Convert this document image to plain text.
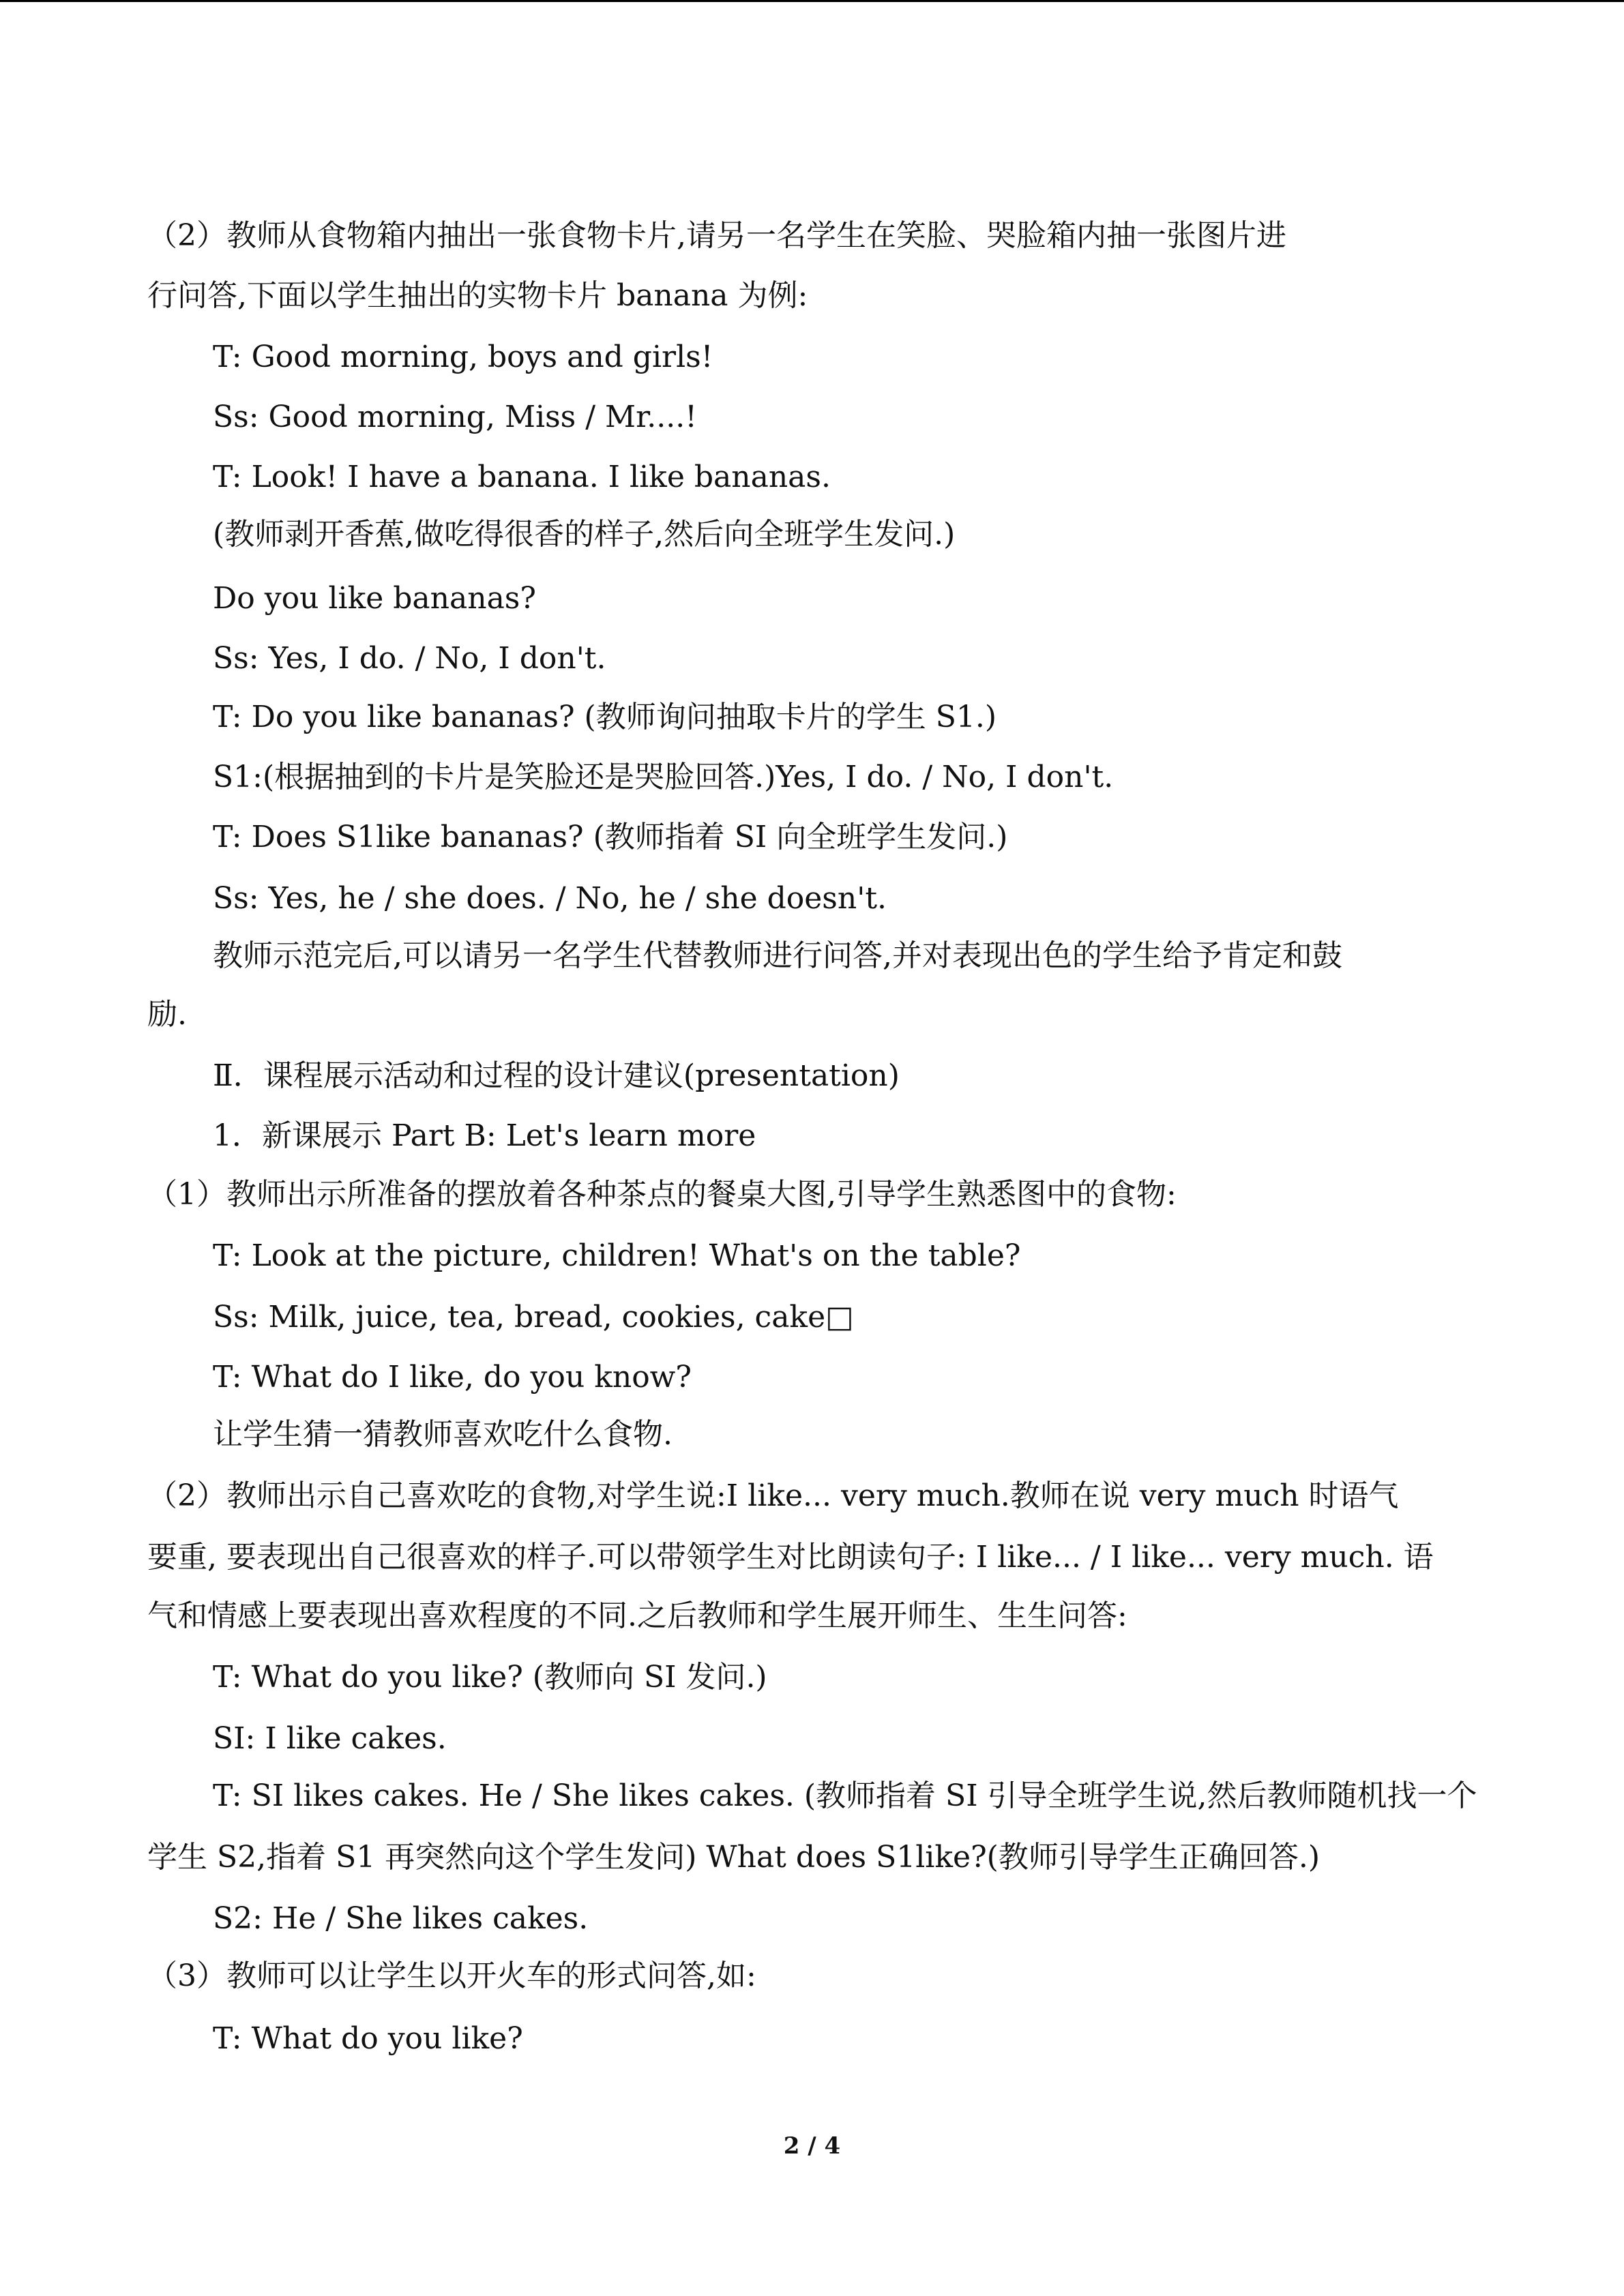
（2）教师从食物箱内抽出一张食物卡片,请另一名学生在笑脸、哭脸箱内抽一张图片进
行问答,下面以学生抽出的实物卡片 banana 为例:
T: Good morning, boys and girls!
Ss: Good morning, Miss / Mr....!
T: Look! I have a banana. I like bananas.
(教师剥开香蕉,做吃得很香的样子,然后向全班学生发问.)
Do you like bananas?
Ss: Yes, I do. / No, I don't.
T: Do you like bananas? (教师询问抽取卡片的学生 S1.)
S1:(根据抽到的卡片是笑脸还是哭脸回答.)Yes, I do. / No, I don't.
T: Does S1like bananas? (教师指着 SI 向全班学生发问.)
Ss: Yes, he / she does. / No, he / she doesn't.
教师示范完后,可以请另一名学生代替教师进行问答,并对表现出色的学生给予肯定和鼓
励.
Ⅱ．课程展示活动和过程的设计建议(presentation)
1．新课展示 Part B: Let's learn more
（1）教师出示所准备的摆放着各种茶点的餐桌大图,引导学生熟悉图中的食物:
T: Look at the picture, children! What's on the table?
Ss: Milk, juice, tea, bread, cookies, cake□
T: What do I like, do you know?
让学生猜一猜教师喜欢吃什么食物.
（2）教师出示自己喜欢吃的食物,对学生说:I like... very much.教师在说 very much 时语气
要重, 要表现出自己很喜欢的样子.可以带领学生对比朗读句子: I like... / I like... very much. 语
气和情感上要表现出喜欢程度的不同.之后教师和学生展开师生、生生问答:
T: What do you like? (教师向 SI 发问.)
SI: I like cakes.
T: SI likes cakes. He / She likes cakes. (教师指着 SI 引导全班学生说,然后教师随机找一个
学生 S2,指着 S1 再突然向这个学生发问) What does S1like?(教师引导学生正确回答.)
S2: He / She likes cakes.
（3）教师可以让学生以开火车的形式问答,如:
T: What do you like?
2 / 4
